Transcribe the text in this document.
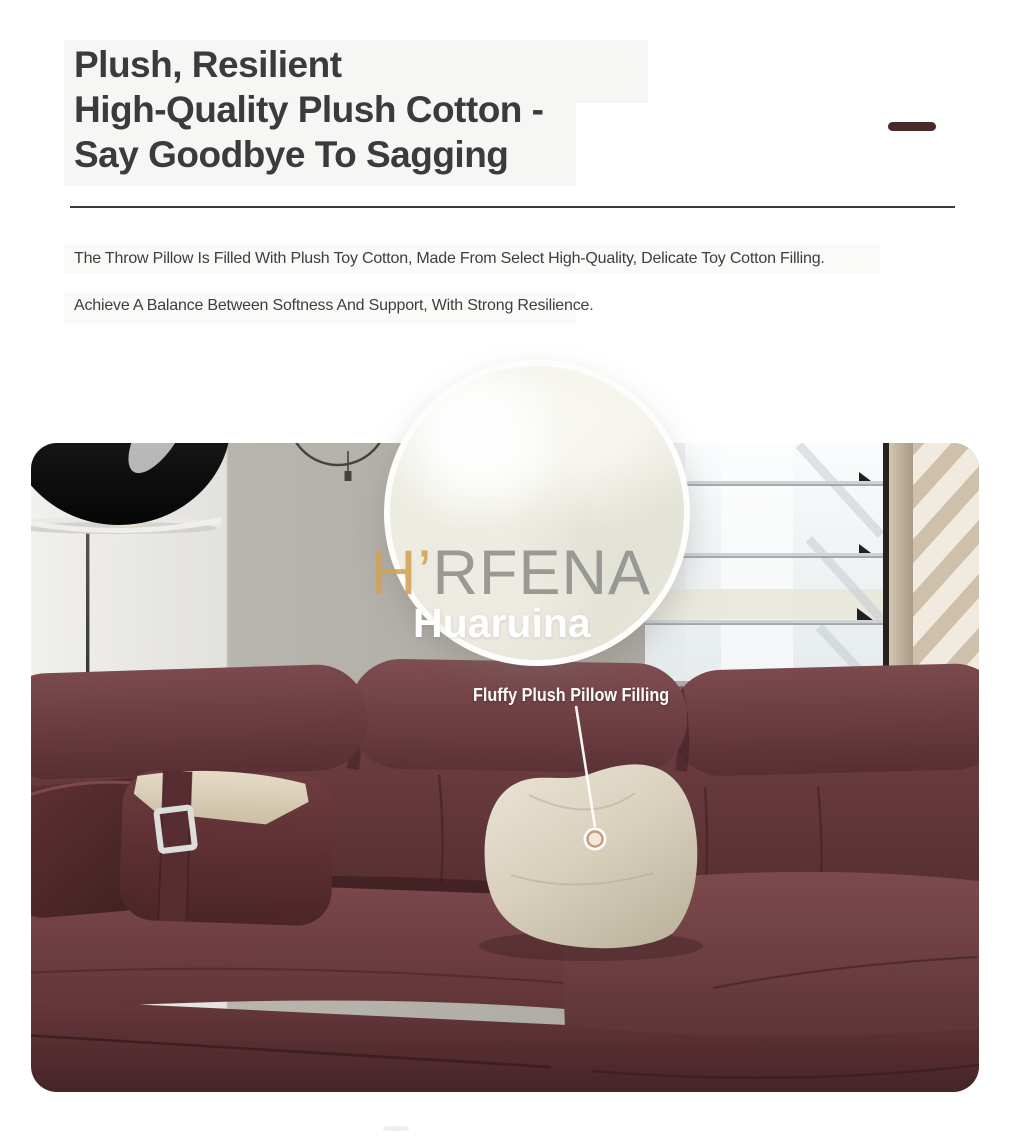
Plush, Resilient
High-Quality Plush Cotton -
Say Goodbye To Sagging
The Throw Pillow Is Filled With Plush Toy Cotton, Made From Select High-Quality, Delicate Toy Cotton Filling.
Achieve A Balance Between Softness And Support, With Strong Resilience.
Fluffy Plush Pillow Filling
H’RFENA
Huaruina
